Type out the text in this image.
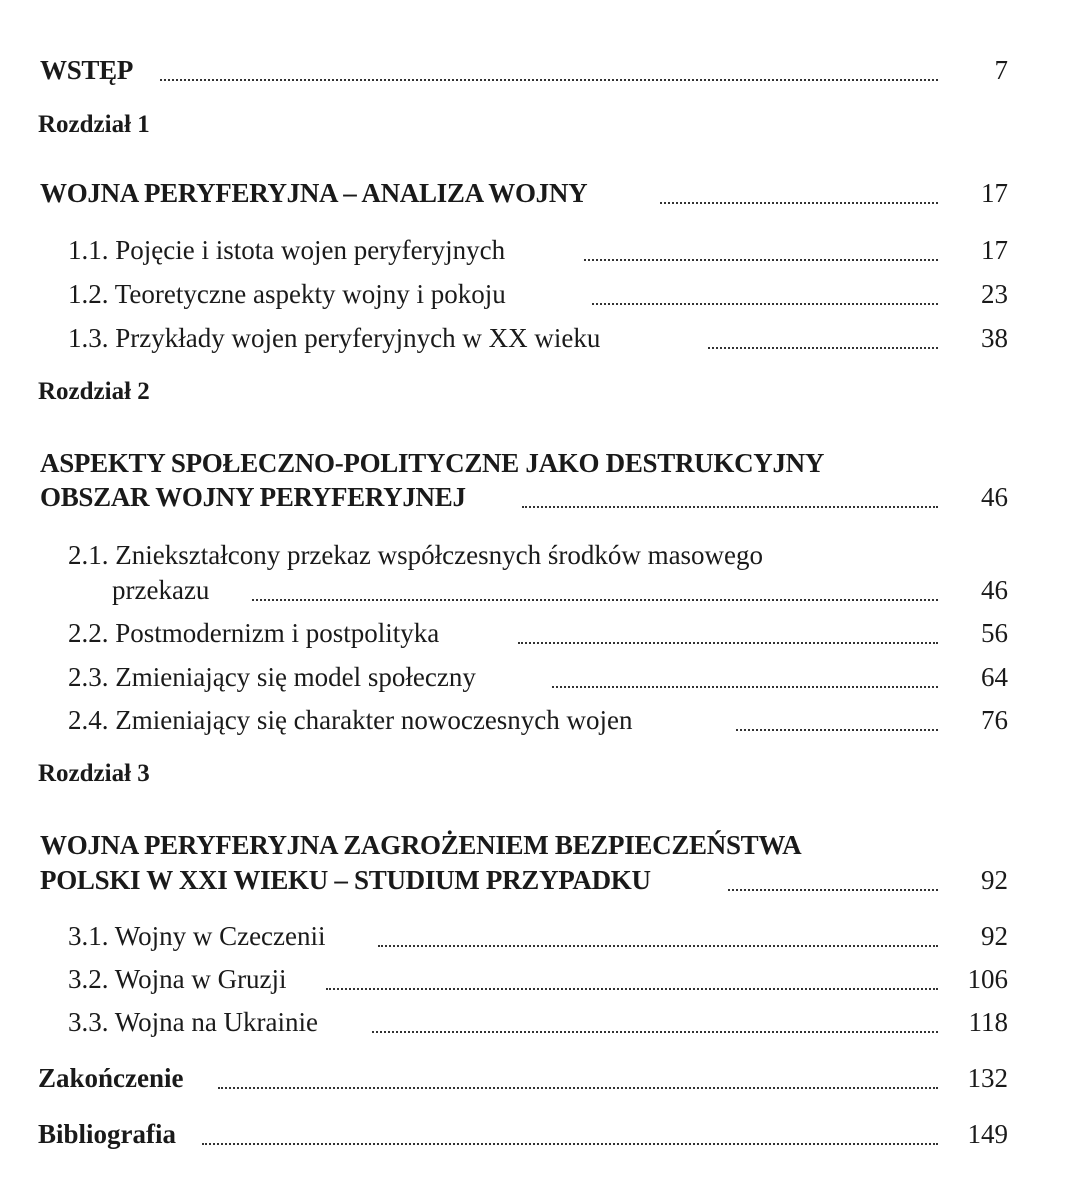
WSTĘP	7
Rozdział 1
WOJNA PERYFERYJNA – ANALIZA WOJNY	17
1.1. Pojęcie i istota wojen peryferyjnych	17
1.2. Teoretyczne aspekty wojny i pokoju	23
1.3. Przykłady wojen peryferyjnych w XX wieku	38
Rozdział 2
ASPEKTY SPOŁECZNO-POLITYCZNE JAKO DESTRUKCYJNY
OBSZAR WOJNY PERYFERYJNEJ	46
2.1. Zniekształcony przekaz współczesnych środków masowego
przekazu	46
2.2. Postmodernizm i postpolityka	56
2.3. Zmieniający się model społeczny	64
2.4. Zmieniający się charakter nowoczesnych wojen	76
Rozdział 3
WOJNA PERYFERYJNA ZAGROŻENIEM BEZPIECZEŃSTWA
POLSKI W XXI WIEKU – STUDIUM PRZYPADKU	92
3.1. Wojny w Czeczenii	92
3.2. Wojna w Gruzji	106
3.3. Wojna na Ukrainie	118
Zakończenie	132
Bibliografia	149
